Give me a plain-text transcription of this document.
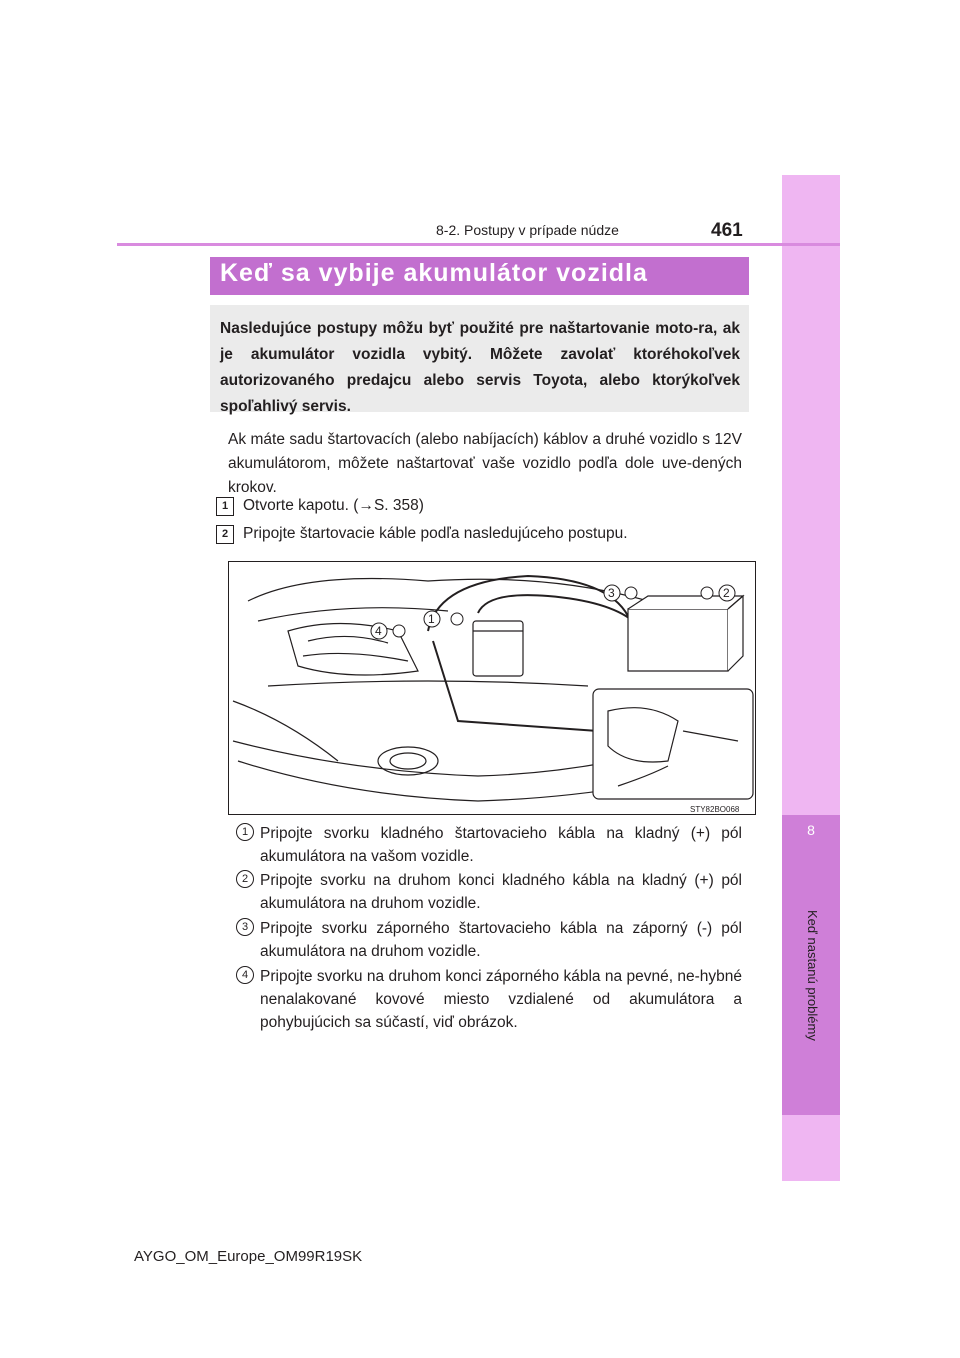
8
Keď nastanú problémy
8-2. Postupy v prípade núdze	461
Keď sa vybije akumulátor vozidla
Nasledujúce postupy môžu byť použité pre naštartovanie moto-ra, ak je akumulátor vozidla vybitý. Môžete zavolať ktoréhokoľvek autorizovaného predajcu alebo servis Toyota, alebo ktorýkoľvek spoľahlivý servis.
Ak máte sadu štartovacích (alebo nabíjacích) káblov a druhé vozidlo s 12V akumulátorom, môžete naštartovať vaše vozidlo podľa dole uve-dených krokov.
1 Otvorte kapotu. (→S. 358)
2 Pripojte štartovacie káble podľa nasledujúceho postupu.
1
2
3
4
STY82BO068
1 Pripojte svorku kladného štartovacieho kábla na kladný (+) pól akumulátora na vašom vozidle.
2 Pripojte svorku na druhom konci kladného kábla na kladný (+) pól akumulátora na druhom vozidle.
3 Pripojte svorku záporného štartovacieho kábla na záporný (-) pól akumulátora na druhom vozidle.
4 Pripojte svorku na druhom konci záporného kábla na pevné, ne-hybné nenalakované kovové miesto vzdialené od akumulátora a pohybujúcich sa súčastí, viď obrázok.
AYGO_OM_Europe_OM99R19SK
